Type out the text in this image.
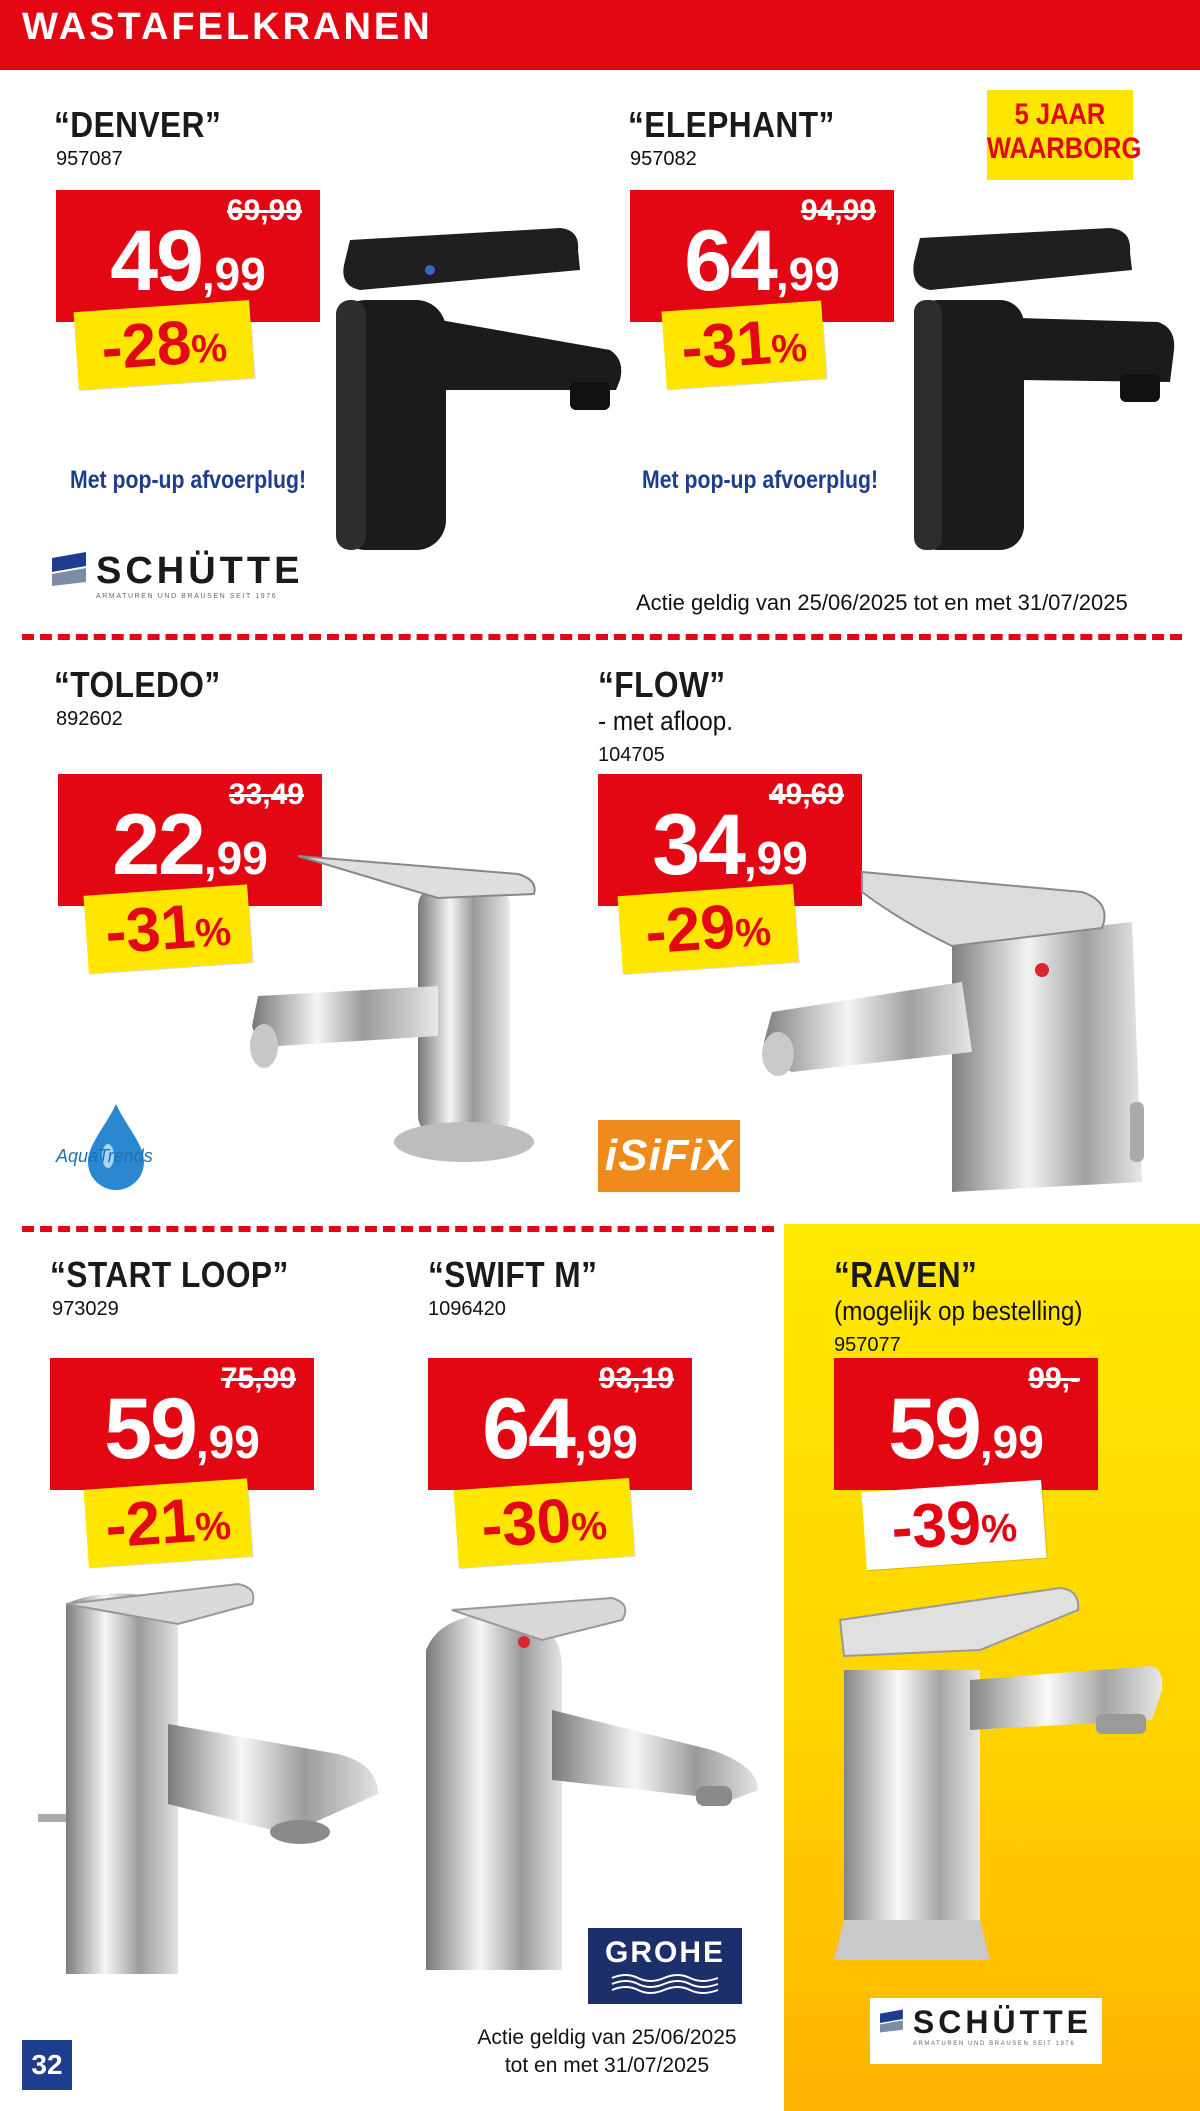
WASTAFELKRANEN
“DENVER”
957087
69,99
49,99
-28%
Met pop-up afvoerplug!
“ELEPHANT”
957082
94,99
64,99
-31%
Met pop-up afvoerplug!
5 JAAR
WAARBORG
SCHÜTTE
ARMATUREN UND BRAUSEN SEIT 1976	Actie geldig van 25/06/2025 tot en met 31/07/2025
“TOLEDO”
892602
33,49
22,99
-31%
AquaTrends
“FLOW”
- met afloop.
104705
49,69
34,99
-29%
iSiFiX
“START LOOP”
973029
75,99
59,99
-21%
“SWIFT M”
1096420
93,19
64,99
-30%
GROHE
Actie geldig van 25/06/2025
tot en met 31/07/2025
32
“RAVEN”
(mogelijk op bestelling)
957077
99,-
59,99
-39%
SCHÜTTE
ARMATUREN UND BRAUSEN SEIT 1976
